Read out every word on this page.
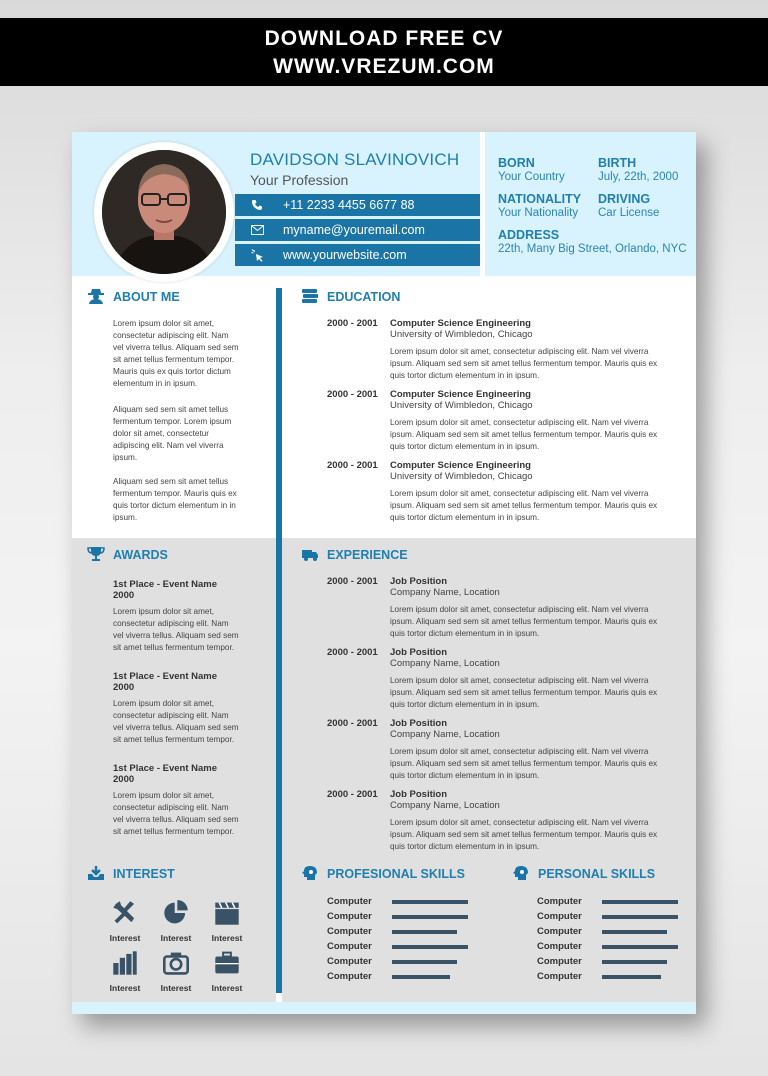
DOWNLOAD FREE CV
WWW.VREZUM.COM
DAVIDSON SLAVINOVICH
Your Profession
+11 2233 4455 6677 88
myname@youremail.com
www.yourwebsite.com
BORN
Your Country
BIRTH
July, 22th, 2000
NATIONALITY
Your Nationality
DRIVING
Car License
ADDRESS
22th, Many Big Street, Orlando, NYC
ABOUT ME
Lorem ipsum dolor sit amet,
consectetur adipiscing elit. Nam
vel viverra tellus. Aliquam sed sem
sit amet tellus fermentum tempor.
Mauris quis ex quis tortor dictum
elementum in in ipsum.
Aliquam sed sem sit amet tellus
fermentum tempor. Lorem ipsum
dolor sit amet, consectetur
adipiscing elit. Nam vel viverra
ipsum.
Aliquam sed sem sit amet tellus
fermentum tempor. Mauris quis ex
quis tortor dictum elementum in in
ipsum.
EDUCATION
2000 - 2001 Computer Science Engineering
University of Wimbledon, Chicago
Lorem ipsum dolor sit amet, consectetur adipiscing elit. Nam vel viverra
ipsum. Aliquam sed sem sit amet tellus fermentum tempor. Mauris quis ex
quis tortor dictum elementum in in ipsum.
2000 - 2001 Computer Science Engineering
University of Wimbledon, Chicago
Lorem ipsum dolor sit amet, consectetur adipiscing elit. Nam vel viverra
ipsum. Aliquam sed sem sit amet tellus fermentum tempor. Mauris quis ex
quis tortor dictum elementum in in ipsum.
2000 - 2001 Computer Science Engineering
University of Wimbledon, Chicago
Lorem ipsum dolor sit amet, consectetur adipiscing elit. Nam vel viverra
ipsum. Aliquam sed sem sit amet tellus fermentum tempor. Mauris quis ex
quis tortor dictum elementum in in ipsum.
AWARDS
1st Place - Event Name
2000
Lorem ipsum dolor sit amet,
consectetur adipiscing elit. Nam
vel viverra tellus. Aliquam sed sem
sit amet tellus fermentum tempor.
1st Place - Event Name
2000
Lorem ipsum dolor sit amet,
consectetur adipiscing elit. Nam
vel viverra tellus. Aliquam sed sem
sit amet tellus fermentum tempor.
1st Place - Event Name
2000
Lorem ipsum dolor sit amet,
consectetur adipiscing elit. Nam
vel viverra tellus. Aliquam sed sem
sit amet tellus fermentum tempor.
EXPERIENCE
2000 - 2001 Job Position
Company Name, Location
Lorem ipsum dolor sit amet, consectetur adipiscing elit. Nam vel viverra
ipsum. Aliquam sed sem sit amet tellus fermentum tempor. Mauris quis ex
quis tortor dictum elementum in in ipsum.
2000 - 2001 Job Position
Company Name, Location
Lorem ipsum dolor sit amet, consectetur adipiscing elit. Nam vel viverra
ipsum. Aliquam sed sem sit amet tellus fermentum tempor. Mauris quis ex
quis tortor dictum elementum in in ipsum.
2000 - 2001 Job Position
Company Name, Location
Lorem ipsum dolor sit amet, consectetur adipiscing elit. Nam vel viverra
ipsum. Aliquam sed sem sit amet tellus fermentum tempor. Mauris quis ex
quis tortor dictum elementum in in ipsum.
2000 - 2001 Job Position
Company Name, Location
Lorem ipsum dolor sit amet, consectetur adipiscing elit. Nam vel viverra
ipsum. Aliquam sed sem sit amet tellus fermentum tempor. Mauris quis ex
quis tortor dictum elementum in in ipsum.
INTEREST
Interest	Interest	Interest
Interest	Interest	Interest
PROFESIONAL SKILLS
Computer
Computer
Computer
Computer
Computer
Computer
PERSONAL SKILLS
Computer
Computer
Computer
Computer
Computer
Computer
